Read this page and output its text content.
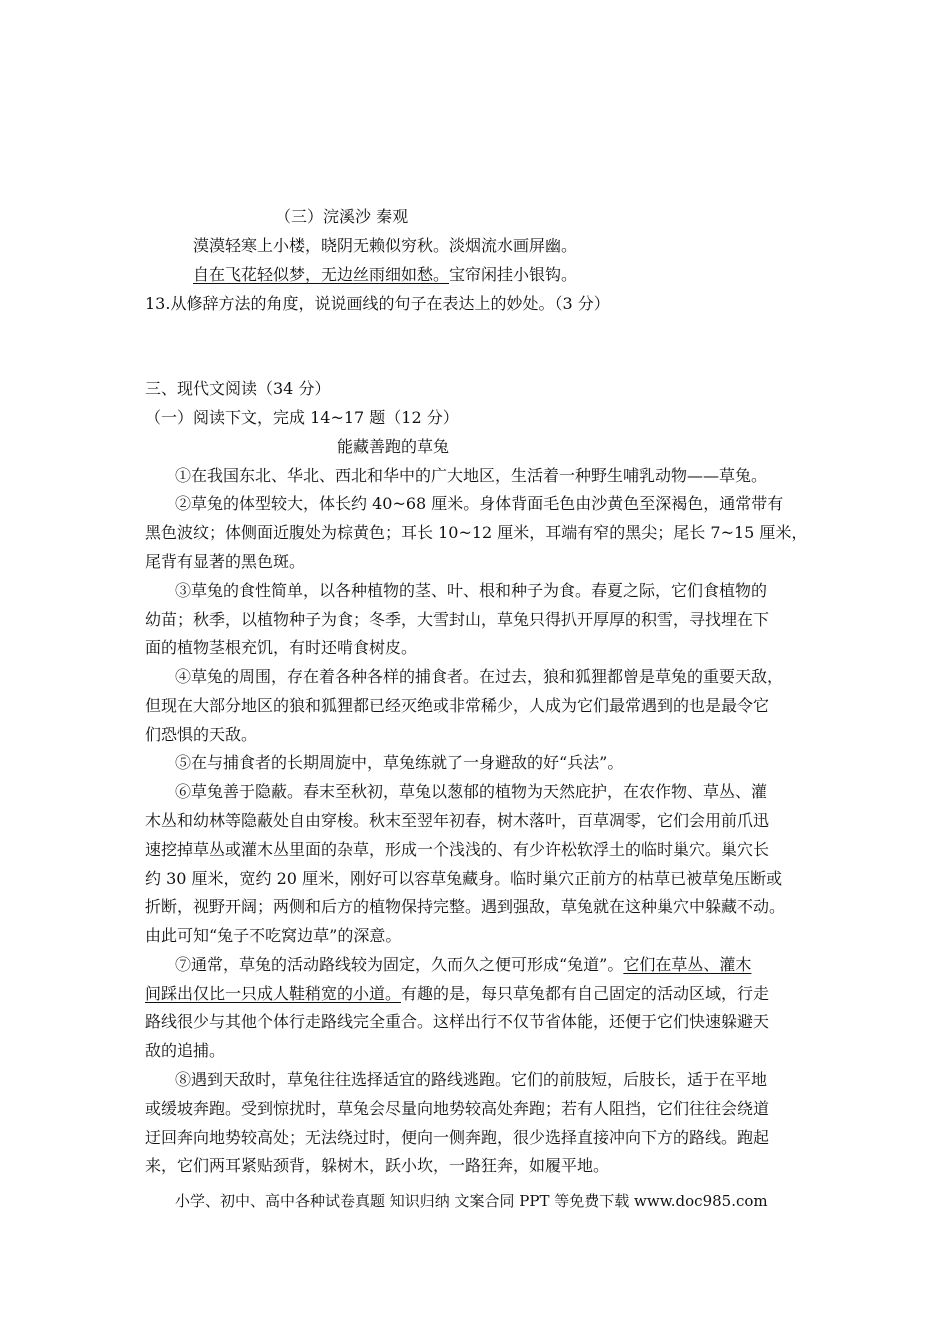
（三）浣溪沙 秦观
漠漠轻寒上小楼，晓阴无赖似穷秋。淡烟流水画屏幽。
自在飞花轻似梦，无边丝雨细如愁。宝帘闲挂小银钩。
13.从修辞方法的角度，说说画线的句子在表达上的妙处。（3 分）
三、现代文阅读（34 分）
（一）阅读下文，完成 14~17 题（12 分）
能藏善跑的草兔
①在我国东北、华北、西北和华中的广大地区，生活着一种野生哺乳动物——草兔。
②草兔的体型较大，体长约 40~68 厘米。身体背面毛色由沙黄色至深褐色，通常带有
黑色波纹；体侧面近腹处为棕黄色；耳长 10~12 厘米，耳端有窄的黑尖；尾长 7~15 厘米，
尾背有显著的黑色斑。
③草兔的食性简单，以各种植物的茎、叶、根和种子为食。春夏之际，它们食植物的
幼苗；秋季，以植物种子为食；冬季，大雪封山，草兔只得扒开厚厚的积雪，寻找埋在下
面的植物茎根充饥，有时还啃食树皮。
④草兔的周围，存在着各种各样的捕食者。在过去，狼和狐狸都曾是草兔的重要天敌，
但现在大部分地区的狼和狐狸都已经灭绝或非常稀少，人成为它们最常遇到的也是最令它
们恐惧的天敌。
⑤在与捕食者的长期周旋中，草兔练就了一身避敌的好“兵法”。
⑥草兔善于隐蔽。春末至秋初，草兔以葱郁的植物为天然庇护，在农作物、草丛、灌
木丛和幼林等隐蔽处自由穿梭。秋末至翌年初春，树木落叶，百草凋零，它们会用前爪迅
速挖掉草丛或灌木丛里面的杂草，形成一个浅浅的、有少许松软浮土的临时巢穴。巢穴长
约 30 厘米，宽约 20 厘米，刚好可以容草兔藏身。临时巢穴正前方的枯草已被草兔压断或
折断，视野开阔；两侧和后方的植物保持完整。遇到强敌，草兔就在这种巢穴中躲藏不动。
由此可知“兔子不吃窝边草”的深意。
⑦通常，草兔的活动路线较为固定，久而久之便可形成“兔道”。它们在草丛、灌木
间踩出仅比一只成人鞋稍宽的小道。有趣的是，每只草兔都有自己固定的活动区域，行走
路线很少与其他个体行走路线完全重合。这样出行不仅节省体能，还便于它们快速躲避天
敌的追捕。
⑧遇到天敌时，草兔往往选择适宜的路线逃跑。它们的前肢短，后肢长，适于在平地
或缓坡奔跑。受到惊扰时，草兔会尽量向地势较高处奔跑；若有人阻挡，它们往往会绕道
迂回奔向地势较高处；无法绕过时，便向一侧奔跑，很少选择直接冲向下方的路线。跑起
来，它们两耳紧贴颈背，躲树木，跃小坎，一路狂奔，如履平地。
小学、初中、高中各种试卷真题 知识归纳 文案合同 PPT 等免费下载 www.doc985.com
